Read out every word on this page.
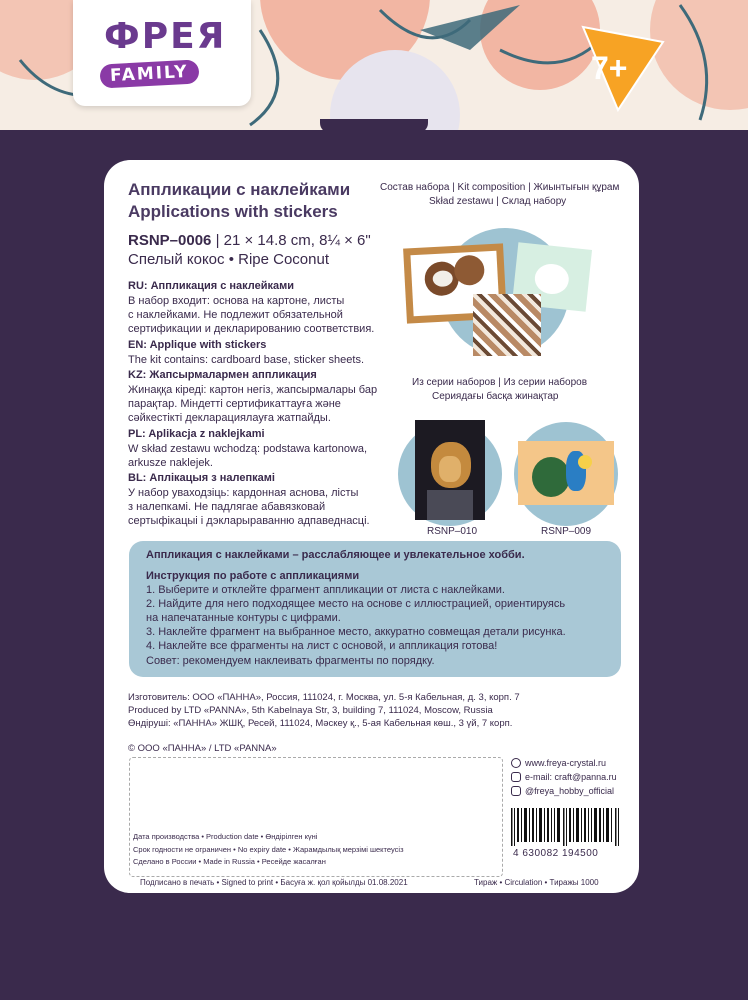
ФРЕЯ
FAMILY	7+
Аппликации с наклейками
Applications with stickers
RSNP–0006 | 21 × 14.8 cm, 8¼ × 6"
Спелый кокос • Ripe Coconut
Состав набора | Kit composition | Жиынтығын құрам
Skład zestawu | Склад набору
Из серии наборов | Из серии наборов
Сериядағы басқа жинақтар
RSNP–010	RSNP–009
RU: Аппликация с наклейками
В набор входит: основа на картоне, листы
с наклейками. Не подлежит обязательной
сертификации и декларированию соответствия.
EN: Applique with stickers
The kit contains: cardboard base, sticker sheets.
KZ: Жапсырмалармен аппликация
Жинаққа кіреді: картон негіз, жапсырмалары бар
парақтар. Міндетті сертификаттауға және
сәйкестікті декларациялауға жатпайды.
PL: Aplikacja z naklejkami
W skład zestawu wchodzą: podstawa kartonowa,
arkusze naklejek.
BL: Аплікацыя з налепкамі
У набор уваходзіць: кардонная аснова, лісты
з налепкамі. Не падлягае абавязковай
сертыфікацыі і дэкларыраванню адпаведнасці.
Аппликация с наклейками – расслабляющее и увлекательное хобби.
Инструкция по работе с аппликациями
1. Выберите и отклейте фрагмент аппликации от листа с наклейками.
2. Найдите для него подходящее место на основе с иллюстрацией, ориентируясь
на напечатанные контуры с цифрами.
3. Наклейте фрагмент на выбранное место, аккуратно совмещая детали рисунка.
4. Наклейте все фрагменты на лист с основой, и аппликация готова!
Совет: рекомендуем наклеивать фрагменты по порядку.
Изготовитель: ООО «ПАННА», Россия, 111024, г. Москва, ул. 5-я Кабельная, д. 3, корп. 7
Produced by LTD «PANNA», 5th Kabelnaya Str, 3, building 7, 111024, Moscow, Russia
Өндіруші: «ПАННА» ЖШҚ, Ресей, 111024, Мәскеу қ., 5-ая Кабельная көш., 3 үй, 7 корп.
© ООО «ПАННА» / LTD «PANNA»
Дата производства • Production date • Өндірілген күні
Срок годности не ограничен • No expiry date • Жарамдылық мерзімі шектеусіз
Сделано в России • Made in Russia • Ресейде жасалған
www.freya-crystal.ru
e-mail: craft@panna.ru
@freya_hobby_official
4 630082 194500
Подписано в печать • Signed to print • Басуға ж. қол қойылды 01.08.2021	Тираж • Circulation • Тиражы 1000
